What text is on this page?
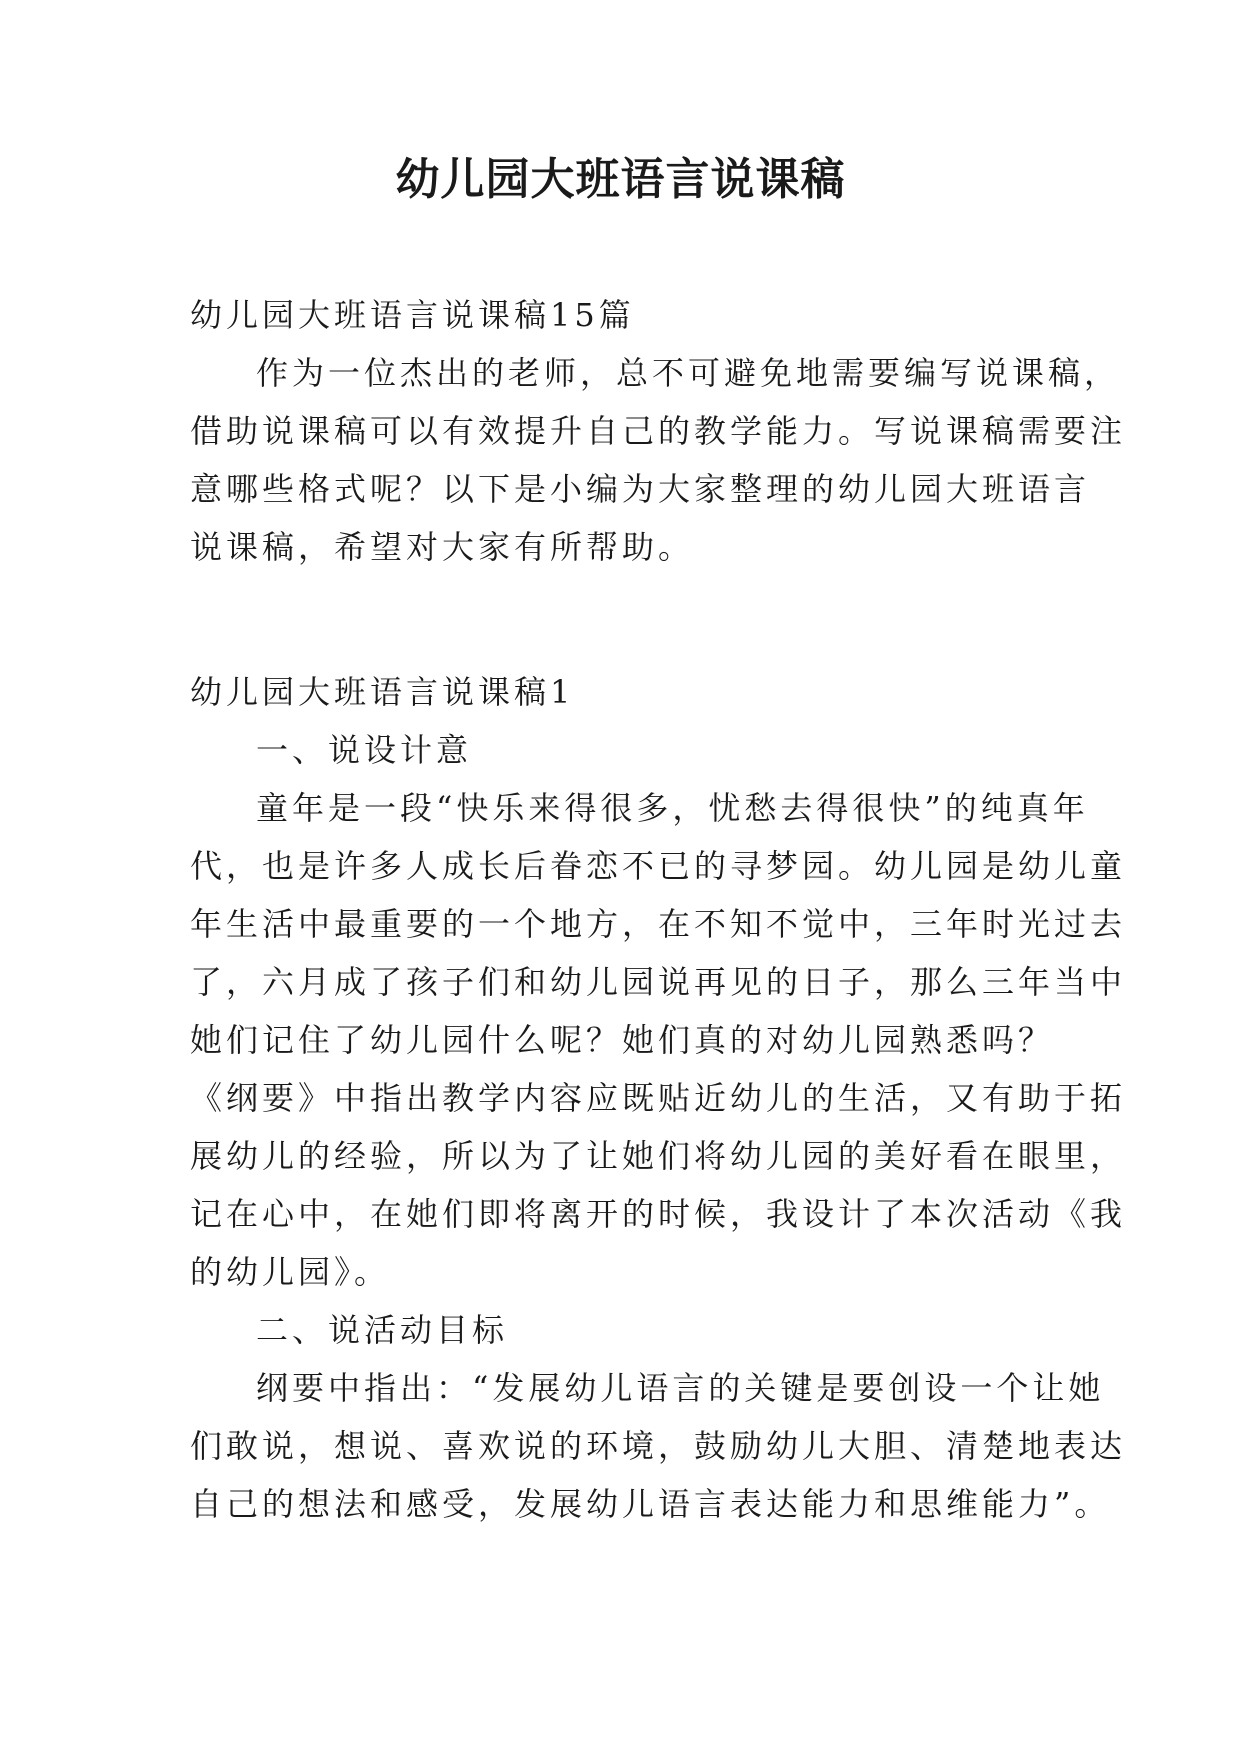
幼儿园大班语言说课稿
幼儿园大班语言说课稿15篇
作为一位杰出的老师，总不可避免地需要编写说课稿，
借助说课稿可以有效提升自己的教学能力。写说课稿需要注
意哪些格式呢？以下是小编为大家整理的幼儿园大班语言
说课稿，希望对大家有所帮助。
幼儿园大班语言说课稿1
一、说设计意
童年是一段“快乐来得很多，忧愁去得很快”的纯真年
代，也是许多人成长后眷恋不已的寻梦园。幼儿园是幼儿童
年生活中最重要的一个地方，在不知不觉中，三年时光过去
了，六月成了孩子们和幼儿园说再见的日子，那么三年当中
她们记住了幼儿园什么呢？她们真的对幼儿园熟悉吗？
《纲要》中指出教学内容应既贴近幼儿的生活，又有助于拓
展幼儿的经验，所以为了让她们将幼儿园的美好看在眼里，
记在心中，在她们即将离开的时候，我设计了本次活动《我
的幼儿园》。
二、说活动目标
纲要中指出：“发展幼儿语言的关键是要创设一个让她
们敢说，想说、喜欢说的环境，鼓励幼儿大胆、清楚地表达
自己的想法和感受，发展幼儿语言表达能力和思维能力”。
